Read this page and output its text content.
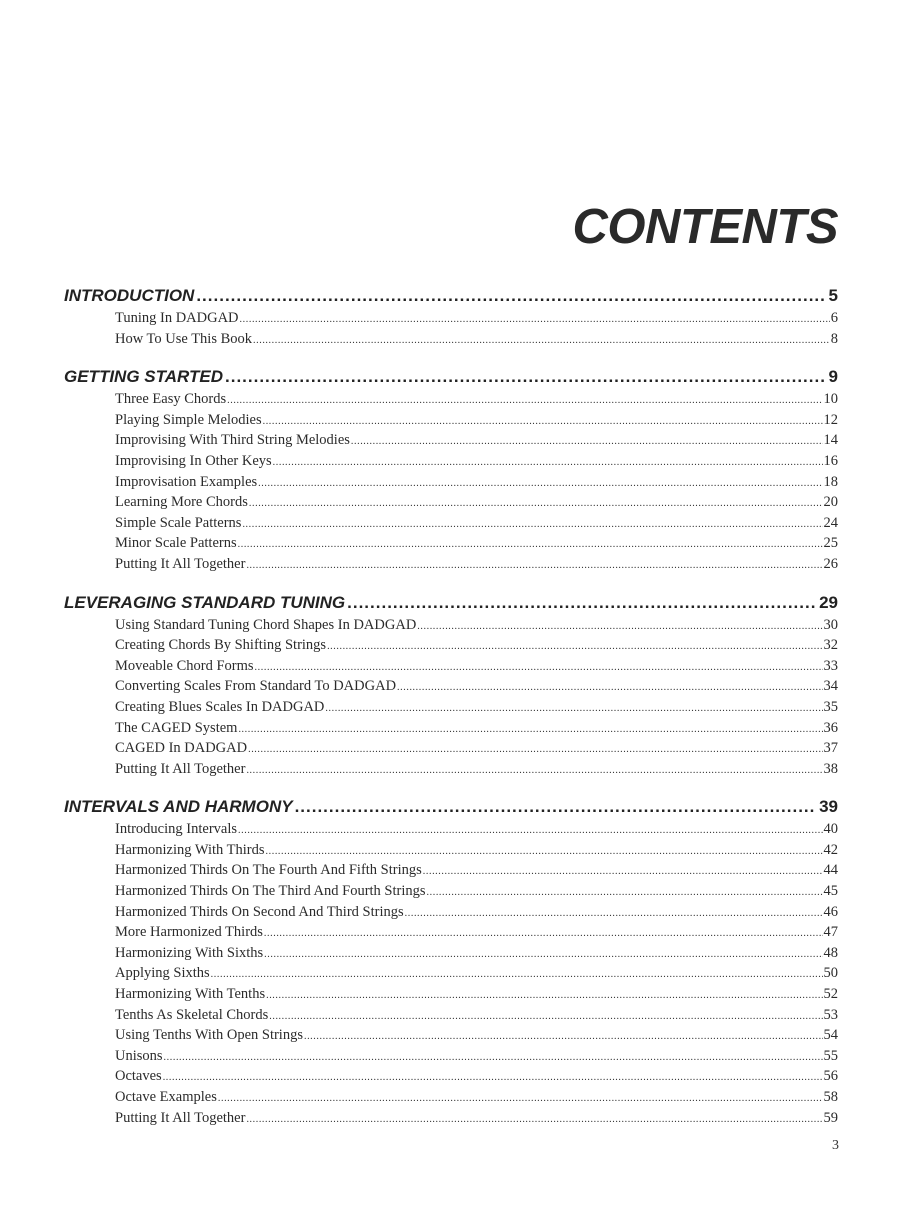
CONTENTS
INTRODUCTION .....	5
Tuning In DADGAD .....	6
How To Use This Book .....	8
GETTING STARTED .....	9
Three Easy Chords .....	10
Playing Simple Melodies .....	12
Improvising With Third String Melodies .....	14
Improvising In Other Keys .....	16
Improvisation Examples .....	18
Learning More Chords .....	20
Simple Scale Patterns .....	24
Minor Scale Patterns .....	25
Putting It All Together .....	26
LEVERAGING STANDARD TUNING .....	29
Using Standard Tuning Chord Shapes In DADGAD .....	30
Creating Chords By Shifting Strings .....	32
Moveable Chord Forms .....	33
Converting Scales From Standard To DADGAD .....	34
Creating Blues Scales In DADGAD .....	35
The CAGED System .....	36
CAGED In DADGAD .....	37
Putting It All Together .....	38
INTERVALS AND HARMONY .....	39
Introducing Intervals .....	40
Harmonizing With Thirds .....	42
Harmonized Thirds On The Fourth And Fifth Strings .....	44
Harmonized Thirds On The Third And Fourth Strings .....	45
Harmonized Thirds On Second And Third Strings .....	46
More Harmonized Thirds .....	47
Harmonizing With Sixths .....	48
Applying Sixths .....	50
Harmonizing With Tenths .....	52
Tenths As Skeletal Chords .....	53
Using Tenths With Open Strings .....	54
Unisons .....	55
Octaves .....	56
Octave Examples .....	58
Putting It All Together .....	59
3
